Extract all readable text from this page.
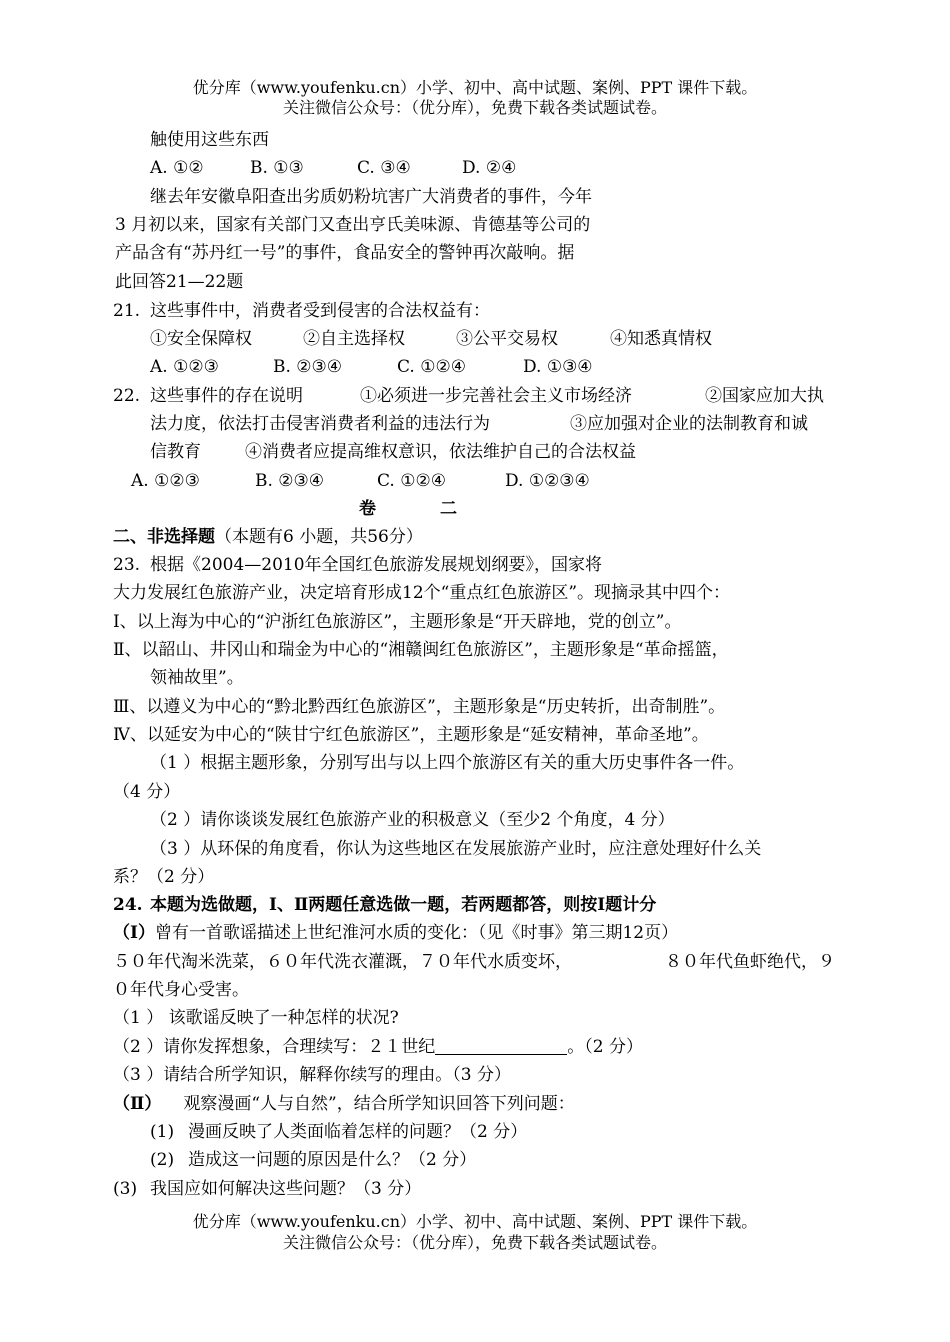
优分库（www.youfenku.cn）小学、初中、高中试题、案例、PPT 课件下载。
关注微信公众号：（优分库），免费下载各类试题试卷。
触使用这些东西
A. ①②	B. ①③	C. ③④	D. ②④
继去年安徽阜阳查出劣质奶粉坑害广大消费者的事件，今年
3 月初以来，国家有关部门又查出亨氏美味源、肯德基等公司的
产品含有“苏丹红一号”的事件，食品安全的警钟再次敲响。据
此回答21—22题
21. 这些事件中，消费者受到侵害的合法权益有：
①安全保障权	②自主选择权	③公平交易权	④知悉真情权
A. ①②③	B. ②③④	C. ①②④	D. ①③④
22. 这些事件的存在说明	①必须进一步完善社会主义市场经济	②国家应加大执
法力度，依法打击侵害消费者利益的违法行为	③应加强对企业的法制教育和诚
信教育	④消费者应提高维权意识，依法维护自己的合法权益
A. ①②③	B. ②③④	C. ①②④	D. ①②③④
卷	二
二、非选择题（本题有6 小题，共56分）
23. 根据《2004—2010年全国红色旅游发展规划纲要》，国家将
大力发展红色旅游产业，决定培育形成12个“重点红色旅游区”。现摘录其中四个：
Ⅰ、以上海为中心的“沪浙红色旅游区”，主题形象是“开天辟地，党的创立”。
Ⅱ、以韶山、井冈山和瑞金为中心的“湘赣闽红色旅游区”，主题形象是“革命摇篮，
领袖故里”。
Ⅲ、以遵义为中心的“黔北黔西红色旅游区”，主题形象是“历史转折，出奇制胜”。
Ⅳ、以延安为中心的“陕甘宁红色旅游区”，主题形象是“延安精神，革命圣地”。
（1 ）根据主题形象，分别写出与以上四个旅游区有关的重大历史事件各一件。
（4 分）
（2 ）请你谈谈发展红色旅游产业的积极意义（至少2 个角度，4 分）
（3 ）从环保的角度看，你认为这些地区在发展旅游产业时，应注意处理好什么关
系？（2 分）
24. 本题为选做题，Ⅰ、Ⅱ两题任意选做一题，若两题都答，则按Ⅰ题计分
（Ⅰ）曾有一首歌谣描述上世纪淮河水质的变化：（见《时事》第三期12页）
５０年代淘米洗菜，６０年代洗衣灌溉，７０年代水质变坏，	８０年代鱼虾绝代，９
０年代身心受害。
（1 ） 该歌谣反映了一种怎样的状况?
（2 ）请你发挥想象，合理续写：２１世纪	。（2 分）
（3 ）请结合所学知识，解释你续写的理由。（3 分）
（Ⅱ） 观察漫画“人与自然”，结合所学知识回答下列问题：
(1) 漫画反映了人类面临着怎样的问题？（2 分）
(2) 造成这一问题的原因是什么？（2 分）
(3) 我国应如何解决这些问题？（3 分）
优分库（www.youfenku.cn）小学、初中、高中试题、案例、PPT 课件下载。
关注微信公众号：（优分库），免费下载各类试题试卷。
